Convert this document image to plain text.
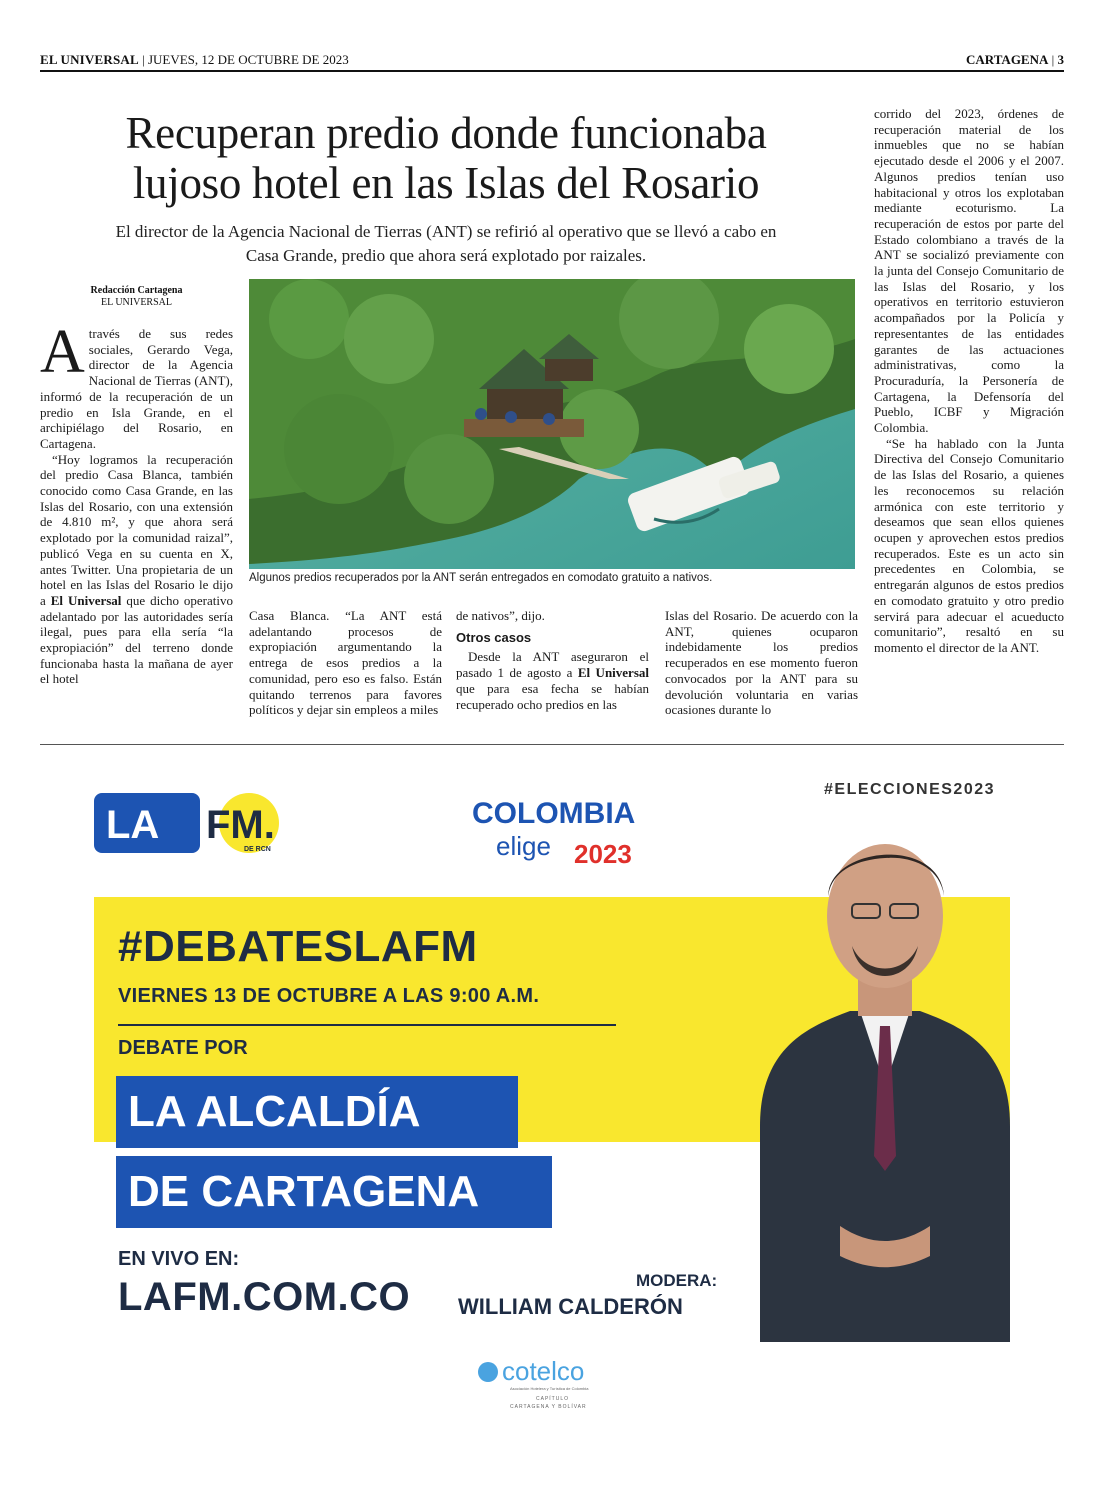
EL UNIVERSAL | JUEVES, 12 DE OCTUBRE DE 2023	CARTAGENA | 3
Recuperan predio donde funcionaba
lujoso hotel en las Islas del Rosario
El director de la Agencia Nacional de Tierras (ANT) se refirió al operativo que se llevó a cabo en
Casa Grande, predio que ahora será explotado por raizales.
Redacción Cartagena
EL UNIVERSAL
Algunos predios recuperados por la ANT serán entregados en comodato gratuito a nativos.

Através de sus redes sociales, Gerardo Vega, director de la Agencia Nacional de Tierras (ANT), informó de la recuperación de un predio en Isla Grande, en el archipiélago del Rosario, en Cartagena.

“Hoy logramos la recuperación del predio Casa Blanca, también conocido como Casa Grande, en las Islas del Rosario, con una extensión de 4.810 m², y que ahora será explotado por la comunidad raizal”, publicó Vega en su cuenta en X, antes Twitter. Una propietaria de un hotel en las Islas del Rosario le dijo a El Universal que dicho operativo adelantado por las autoridades sería ilegal, pues para ella sería “la expropiación” del terreno donde funcionaba hasta la mañana de ayer el hotel

Casa Blanca. “La ANT está adelantando procesos de expropiación argumentando la entrega de esos predios a la comunidad, pero eso es falso. Están quitando terrenos para favores políticos y dejar sin empleos a miles

de nativos”, dijo.

Otros casos

Desde la ANT aseguraron el pasado 1 de agosto a El Universal que para esa fecha se habían recuperado ocho predios en las

Islas del Rosario. De acuerdo con la ANT, quienes ocuparon indebidamente los predios recuperados en ese momento fueron convocados por la ANT para su devolución voluntaria en varias ocasiones durante lo

corrido del 2023, órdenes de recuperación material de los inmuebles que no se habían ejecutado desde el 2006 y el 2007. Algunos predios tenían uso habitacional y otros los explotaban mediante ecoturismo. La recuperación de estos por parte del Estado colombiano a través de la ANT se socializó previamente con la junta del Consejo Comunitario de las Islas del Rosario, y los operativos en territorio estuvieron acompañados por la Policía y representantes de las entidades garantes de las actuaciones administrativas, como la Procuraduría, la Personería de Cartagena, la Defensoría del Pueblo, ICBF y Migración Colombia.

“Se ha hablado con la Junta Directiva del Consejo Comunitario de las Islas del Rosario, a quienes les reconocemos su relación armónica con este territorio y deseamos que sean ellos quienes ocupen y aprovechen estos predios recuperados. Este es un acto sin precedentes en Colombia, se entregarán algunos de estos predios en comodato gratuito y otro predio servirá para adecuar el acueducto comunitario”, resaltó en su momento el director de la ANT.

LA FM.
DE RCN
COLOMBIA
elige 2023
#ELECCIONES2023
#DEBATESLAFM
VIERNES 13 DE OCTUBRE A LAS 9:00 A.M.
DEBATE POR
LA ALCALDÍA
DE CARTAGENA
EN VIVO EN:
LAFM.COM.CO	MODERA:
WILLIAM CALDERÓN
cotelco
Asociación Hotelera y Turística de Colombia
CAPÍTULO
CARTAGENA Y BOLÍVAR
